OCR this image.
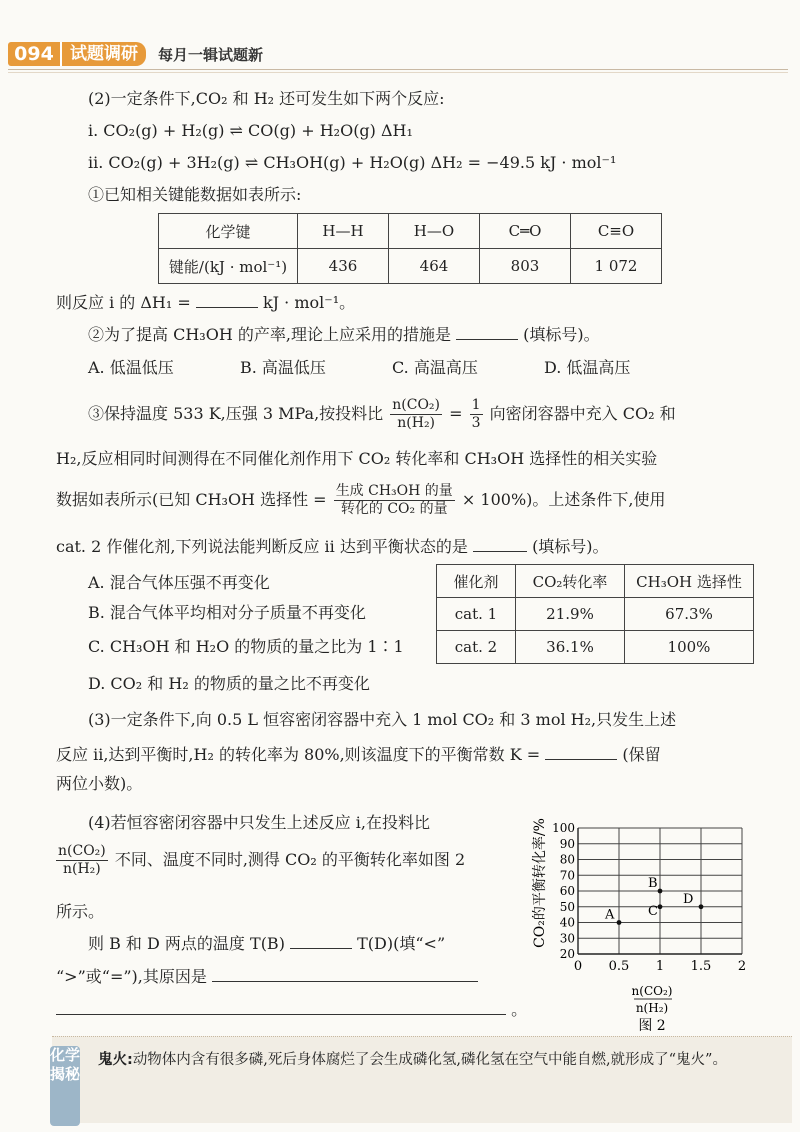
094 试题调研	每月一辑试题新
(2)一定条件下,CO₂ 和 H₂ 还可发生如下两个反应:
i. CO₂(g) + H₂(g) ⇌ CO(g) + H₂O(g) ΔH₁
ii. CO₂(g) + 3H₂(g) ⇌ CH₃OH(g) + H₂O(g) ΔH₂ = −49.5 kJ · mol⁻¹
①已知相关键能数据如表所示:
化学键	H—H	H—O	C═O	C≡O
键能/(kJ · mol⁻¹)	436	464	803	1 072
则反应 i 的 ΔH₁ =	kJ · mol⁻¹。
②为了提高 CH₃OH 的产率,理论上应采用的措施是	(填标号)。
A. 低温低压	B. 高温低压	C. 高温高压	D. 低温高压
③保持温度 533 K,压强 3 MPa,按投料比 $\frac{\text{n(CO₂)}}{\text{n(H₂)}} = \frac{1}{3}$ 向密闭容器中充入 CO₂ 和
H₂,反应相同时间测得在不同催化剂作用下 CO₂ 转化率和 CH₃OH 选择性的相关实验
数据如表所示(已知 CH₃OH 选择性 = $\frac{\text{生成 CH₃OH 的量}}{\text{转化的 CO₂ 的量}} \times 100\%$)。上述条件下,使用
cat. 2 作催化剂,下列说法能判断反应 ii 达到平衡状态的是	(填标号)。
A. 混合气体压强不再变化
B. 混合气体平均相对分子质量不再变化
C. CH₃OH 和 H₂O 的物质的量之比为 1∶1
D. CO₂ 和 H₂ 的物质的量之比不再变化
催化剂	CO₂转化率	CH₃OH 选择性
cat. 1	21.9%	67.3%
cat. 2	36.1%	100%
(3)一定条件下,向 0.5 L 恒容密闭容器中充入 1 mol CO₂ 和 3 mol H₂,只发生上述
反应 ii,达到平衡时,H₂ 的转化率为 80%,则该温度下的平衡常数 K =	(保留
两位小数)。
(4)若恒容密闭容器中只发生上述反应 i,在投料比
$\frac{\text{n(CO₂)}}{\text{n(H₂)}}$ 不同、温度不同时,测得 CO₂ 的平衡转化率如图 2
所示。
则 B 和 D 两点的温度 T(B)	T(D)(填“<”
“>”或“=”),其原因是
。
20
30
40
50
60
70
80
90
100
0 0.5 1 1.5 2
A
B
C
D
CO₂的平衡转化率/%
n(CO₂)
n(H₂)
图 2
化学揭秘
鬼火:动物体内含有很多磷,死后身体腐烂了会生成磷化氢,磷化氢在空气中能自燃,就形成了“鬼火”。
